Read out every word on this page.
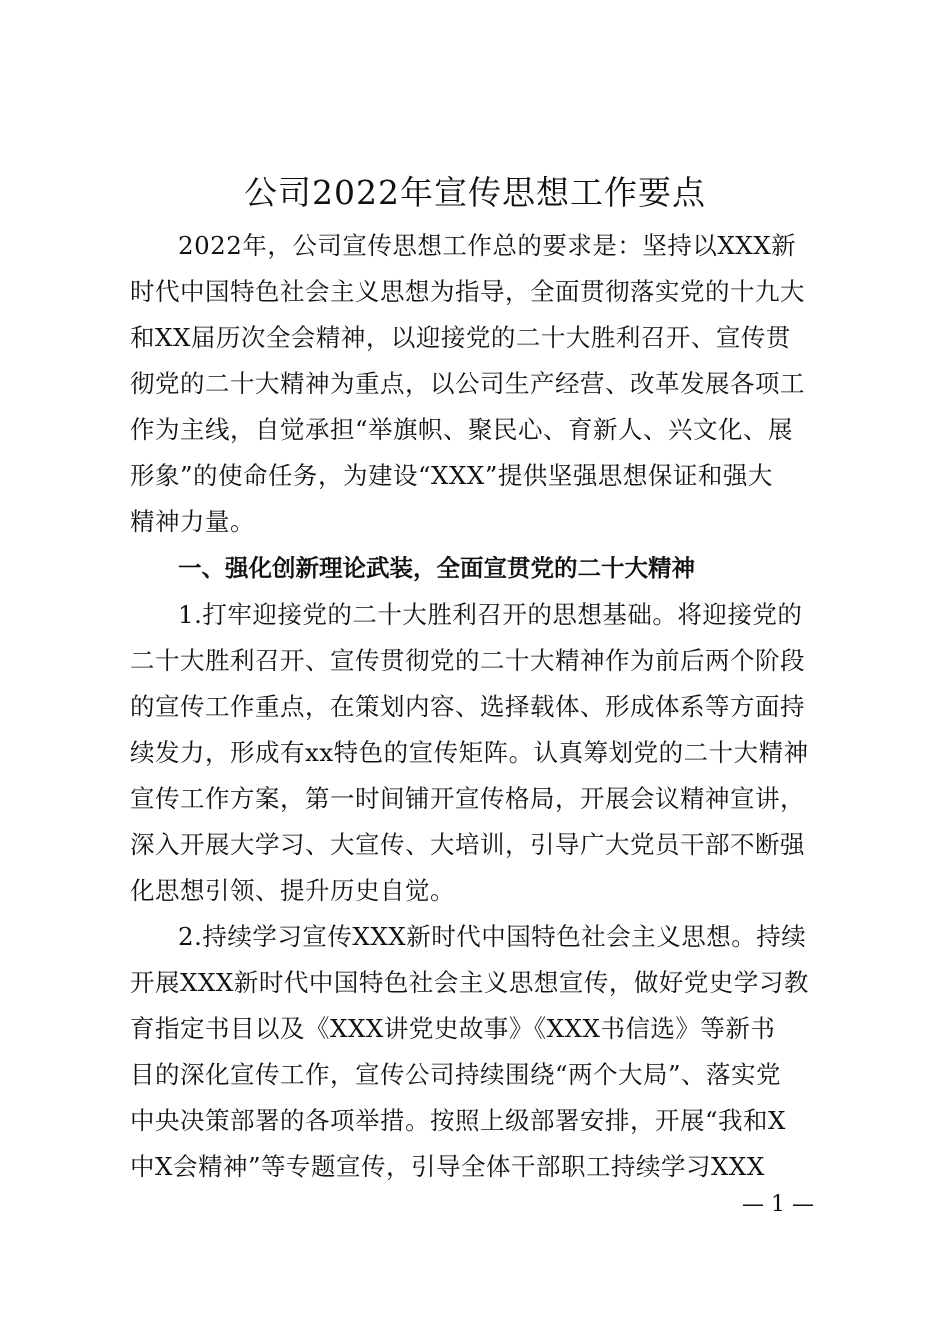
公司2022年宣传思想工作要点
2022年，公司宣传思想工作总的要求是：坚持以XXX新
时代中国特色社会主义思想为指导，全面贯彻落实党的十九大
和XX届历次全会精神，以迎接党的二十大胜利召开、宣传贯
彻党的二十大精神为重点，以公司生产经营、改革发展各项工
作为主线，自觉承担“举旗帜、聚民心、育新人、兴文化、展
形象”的使命任务，为建设“XXX”提供坚强思想保证和强大
精神力量。
一、强化创新理论武装，全面宣贯党的二十大精神
1.打牢迎接党的二十大胜利召开的思想基础。将迎接党的
二十大胜利召开、宣传贯彻党的二十大精神作为前后两个阶段
的宣传工作重点，在策划内容、选择载体、形成体系等方面持
续发力，形成有xx特色的宣传矩阵。认真筹划党的二十大精神
宣传工作方案，第一时间铺开宣传格局，开展会议精神宣讲，
深入开展大学习、大宣传、大培训，引导广大党员干部不断强
化思想引领、提升历史自觉。
2.持续学习宣传XXX新时代中国特色社会主义思想。持续
开展XXX新时代中国特色社会主义思想宣传，做好党史学习教
育指定书目以及《XXX讲党史故事》《XXX书信选》等新书
目的深化宣传工作，宣传公司持续围绕“两个大局”、落实党
中央决策部署的各项举措。按照上级部署安排，开展“我和X
中X会精神”等专题宣传，引导全体干部职工持续学习XXX
— 1 —
